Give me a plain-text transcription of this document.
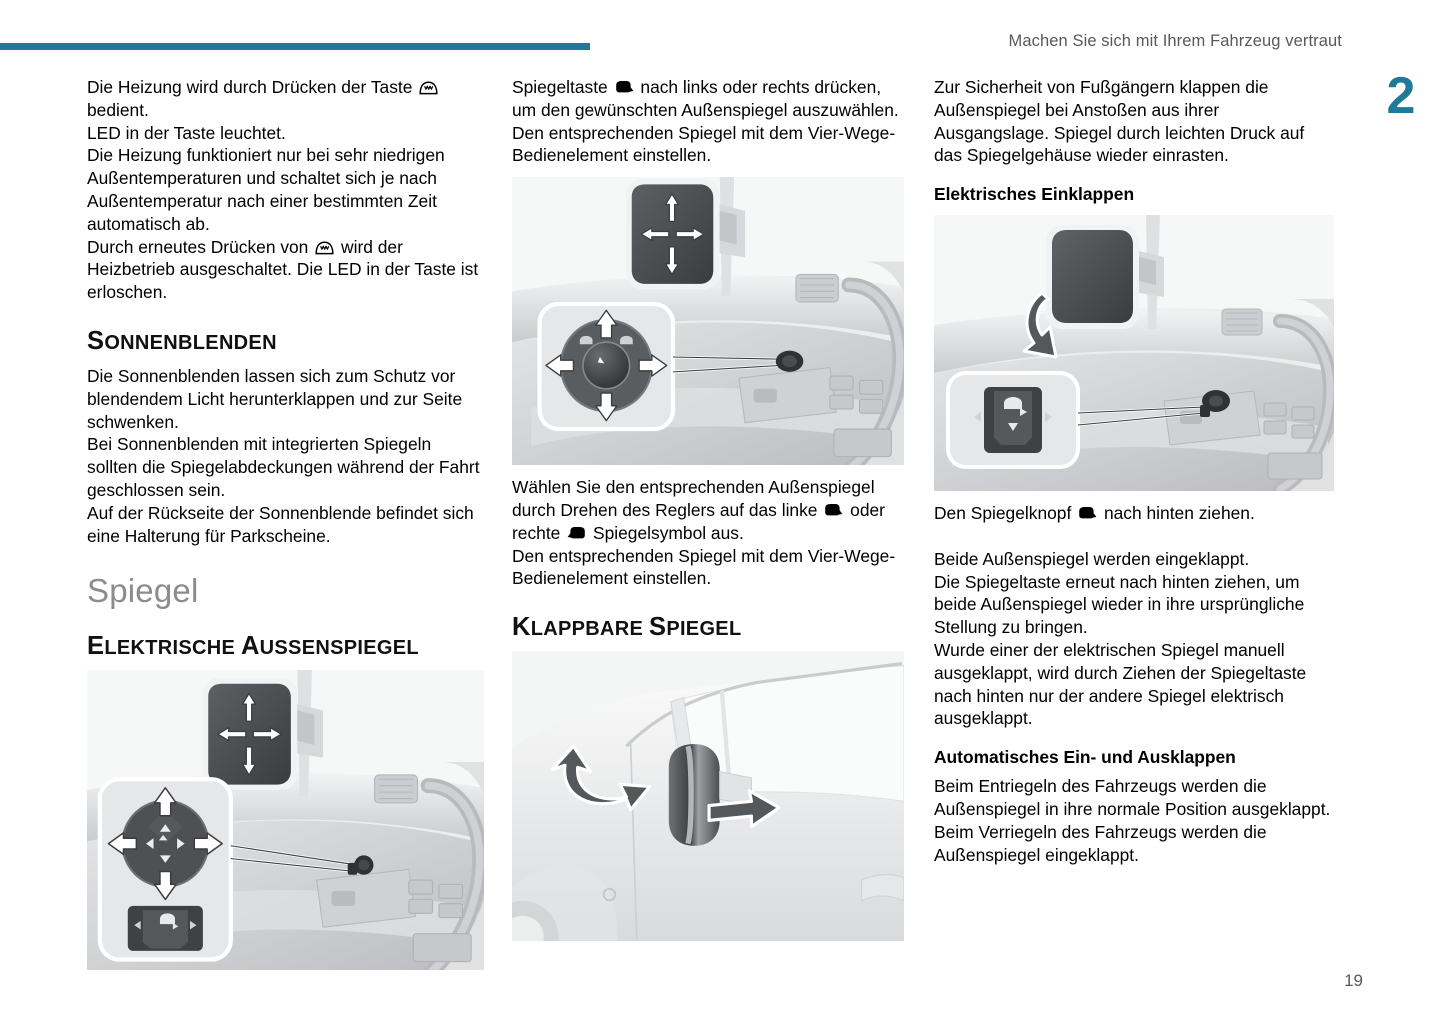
Machen Sie sich mit Ihrem Fahrzeug vertraut
2

Die Heizung wird durch Drücken der Taste  bedient.

LED in der Taste leuchtet.

Die Heizung funktioniert nur bei sehr niedrigen Außentemperaturen und schaltet sich je nach Außentemperatur nach einer bestimmten Zeit automatisch ab.

Durch erneutes Drücken von  wird der Heizbetrieb ausgeschaltet. Die LED in der Taste ist erloschen.

SONNENBLENDEN

Die Sonnenblenden lassen sich zum Schutz vor blendendem Licht herunterklappen und zur Seite schwenken.

Bei Sonnenblenden mit integrierten Spiegeln sollten die Spiegelabdeckungen während der Fahrt geschlossen sein.

Auf der Rückseite der Sonnenblende befindet sich eine Halterung für Parkscheine.

Spiegel
ELEKTRISCHE AUSSENSPIEGEL

Spiegeltaste  nach links oder rechts drücken, um den gewünschten Außenspiegel auszuwählen.

Den entsprechenden Spiegel mit dem Vier-Wege-Bedienelement einstellen.

Wählen Sie den entsprechenden Außenspiegel durch Drehen des Reglers auf das linke  oder rechte  Spiegelsymbol aus.

Den entsprechenden Spiegel mit dem Vier-Wege-Bedienelement einstellen.

KLAPPBARE SPIEGEL

Zur Sicherheit von Fußgängern klappen die Außenspiegel bei Anstoßen aus ihrer Ausgangslage. Spiegel durch leichten Druck auf das Spiegelgehäuse wieder einrasten.

Elektrisches Einklappen

Den Spiegelknopf  nach hinten ziehen.

Beide Außenspiegel werden eingeklappt.

Die Spiegeltaste erneut nach hinten ziehen, um beide Außenspiegel wieder in ihre ursprüngliche Stellung zu bringen.

Wurde einer der elektrischen Spiegel manuell ausgeklappt, wird durch Ziehen der Spiegeltaste nach hinten nur der andere Spiegel elektrisch ausgeklappt.

Automatisches Ein- und Ausklappen

Beim Entriegeln des Fahrzeugs werden die Außenspiegel in ihre normale Position ausgeklappt. Beim Verriegeln des Fahrzeugs werden die Außenspiegel eingeklappt.

19
